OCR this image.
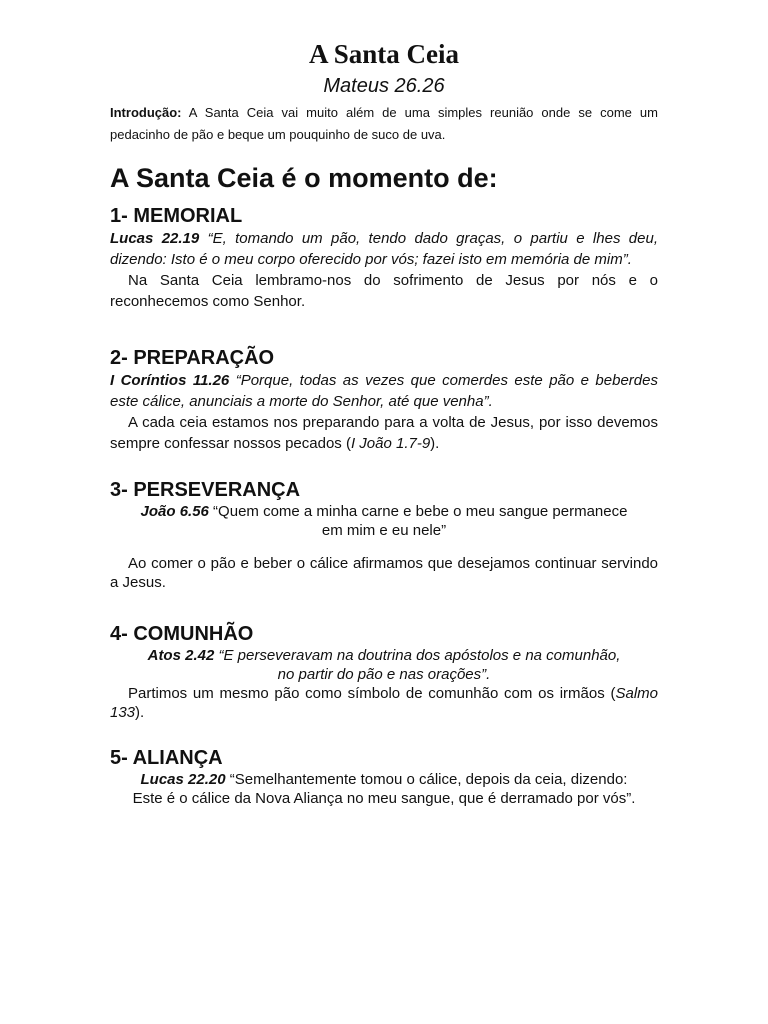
A Santa Ceia

Mateus 26.26

Introdução: A Santa Ceia vai muito além de uma simples reunião onde se come um pedacinho de pão e beque um pouquinho de suco de uva.

A Santa Ceia é o momento de:
1- MEMORIAL

Lucas 22.19 “E, tomando um pão, tendo dado graças, o partiu e lhes deu, dizendo: Isto é o meu corpo oferecido por vós; fazei isto em memória de mim”.

Na Santa Ceia lembramo-nos do sofrimento de Jesus por nós e o reconhecemos como Senhor.

2- PREPARAÇÃO

I Coríntios 11.26 “Porque, todas as vezes que comerdes este pão e beberdes este cálice, anunciais a morte do Senhor, até que venha”.

A cada ceia estamos nos preparando para a volta de Jesus, por isso devemos sempre confessar nossos pecados (I João 1.7-9).

3- PERSEVERANÇA

João 6.56 “Quem come a minha carne e bebe o meu sangue permanece em mim e eu nele”

Ao comer o pão e beber o cálice afirmamos que desejamos continuar servindo a Jesus.

4- COMUNHÃO

Atos 2.42 “E perseveravam na doutrina dos apóstolos e na comunhão, no partir do pão e nas orações”.

Partimos um mesmo pão como símbolo de comunhão com os irmãos (Salmo 133).

5- ALIANÇA

Lucas 22.20 “Semelhantemente tomou o cálice, depois da ceia, dizendo: Este é o cálice da Nova Aliança no meu sangue, que é derramado por vós”.
